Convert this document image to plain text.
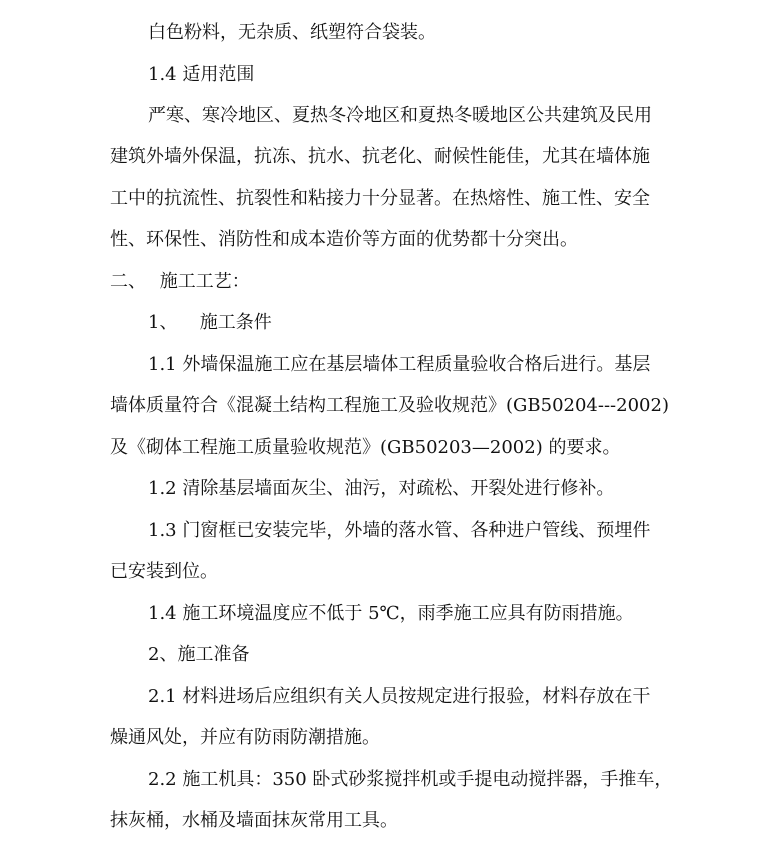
白色粉料，无杂质、纸塑符合袋装。
1.4 适用范围
严寒、寒冷地区、夏热冬冷地区和夏热冬暖地区公共建筑及民用
建筑外墙外保温，抗冻、抗水、抗老化、耐候性能佳，尤其在墙体施
工中的抗流性、抗裂性和粘接力十分显著。在热熔性、施工性、安全
性、环保性、消防性和成本造价等方面的优势都十分突出。
二、 施工工艺：
1、 施工条件
1.1 外墙保温施工应在基层墙体工程质量验收合格后进行。基层
墙体质量符合《混凝土结构工程施工及验收规范》(GB50204---2002)
及《砌体工程施工质量验收规范》(GB50203—2002) 的要求。
1.2 清除基层墙面灰尘、油污，对疏松、开裂处进行修补。
1.3 门窗框已安装完毕，外墙的落水管、各种进户管线、预埋件
已安装到位。
1.4 施工环境温度应不低于 5℃，雨季施工应具有防雨措施。
2、施工准备
2.1 材料进场后应组织有关人员按规定进行报验，材料存放在干
燥通风处，并应有防雨防潮措施。
2.2 施工机具：350 卧式砂浆搅拌机或手提电动搅拌器，手推车，
抹灰桶，水桶及墙面抹灰常用工具。
